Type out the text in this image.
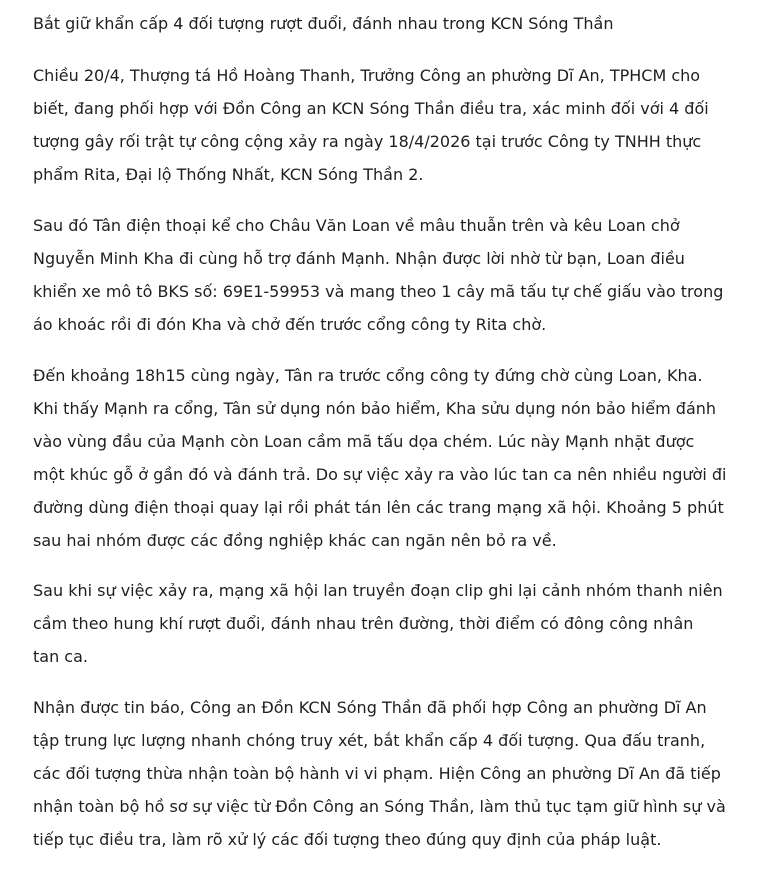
Bắt giữ khẩn cấp 4 đối tượng rượt đuổi, đánh nhau trong KCN Sóng Thần

Chiều 20/4, Thượng tá Hồ Hoàng Thanh, Trưởng Công an phường Dĩ An, TPHCM cho
biết, đang phối hợp với Đồn Công an KCN Sóng Thần điều tra, xác minh đối với 4 đối
tượng gây rối trật tự công cộng xảy ra ngày 18/4/2026 tại trước Công ty TNHH thực
phẩm Rita, Đại lộ Thống Nhất, KCN Sóng Thần 2.

Sau đó Tân điện thoại kể cho Châu Văn Loan về mâu thuẫn trên và kêu Loan chở
Nguyễn Minh Kha đi cùng hỗ trợ đánh Mạnh. Nhận được lời nhờ từ bạn, Loan điều
khiển xe mô tô BKS số: 69E1-59953 và mang theo 1 cây mã tấu tự chế giấu vào trong
áo khoác rồi đi đón Kha và chở đến trước cổng công ty Rita chờ.

Đến khoảng 18h15 cùng ngày, Tân ra trước cổng công ty đứng chờ cùng Loan, Kha.
Khi thấy Mạnh ra cổng, Tân sử dụng nón bảo hiểm, Kha sửu dụng nón bảo hiểm đánh
vào vùng đầu của Mạnh còn Loan cầm mã tấu dọa chém. Lúc này Mạnh nhặt được
một khúc gỗ ở gần đó và đánh trả. Do sự việc xảy ra vào lúc tan ca nên nhiều người đi
đường dùng điện thoại quay lại rồi phát tán lên các trang mạng xã hội. Khoảng 5 phút
sau hai nhóm được các đồng nghiệp khác can ngăn nên bỏ ra về.

Sau khi sự việc xảy ra, mạng xã hội lan truyền đoạn clip ghi lại cảnh nhóm thanh niên
cầm theo hung khí rượt đuổi, đánh nhau trên đường, thời điểm có đông công nhân
tan ca.

Nhận được tin báo, Công an Đồn KCN Sóng Thần đã phối hợp Công an phường Dĩ An
tập trung lực lượng nhanh chóng truy xét, bắt khẩn cấp 4 đối tượng. Qua đấu tranh,
các đối tượng thừa nhận toàn bộ hành vi vi phạm. Hiện Công an phường Dĩ An đã tiếp
nhận toàn bộ hồ sơ sự việc từ Đồn Công an Sóng Thần, làm thủ tục tạm giữ hình sự và
tiếp tục điều tra, làm rõ xử lý các đối tượng theo đúng quy định của pháp luật.
